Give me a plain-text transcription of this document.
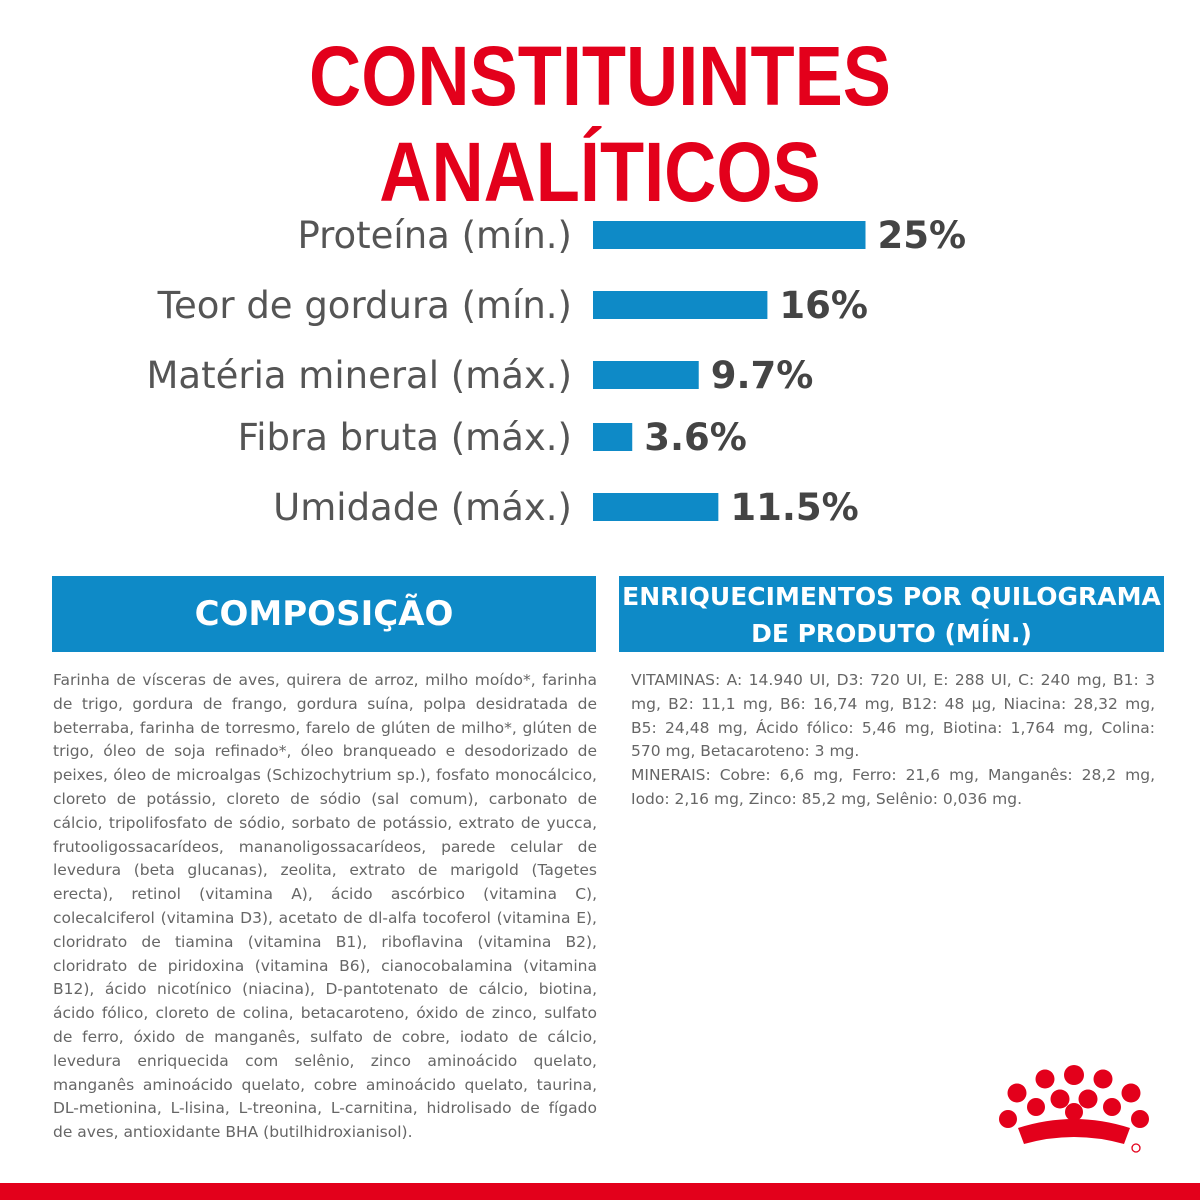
CONSTITUINTES ANALÍTICOS
Proteína (mín.)	25%
Teor de gordura (mín.)	16%
Matéria mineral (máx.)	9.7%
Fibra bruta (máx.) 3.6%
Umidade (máx.)	11.5%
COMPOSIÇÃO
Farinha de vísceras de aves, quirera de arroz, milho moído*, farinha de trigo, gordura de frango, gordura suína, polpa desidratada de beterraba, farinha de torresmo, farelo de glúten de milho*, glúten de trigo, óleo de soja refinado*, óleo branqueado e desodorizado de peixes, óleo de microalgas (Schizochytrium sp.), fosfato monocálcico, cloreto de potássio, cloreto de sódio (sal comum), carbonato de cálcio, tripolifosfato de sódio, sorbato de potássio, extrato de yucca, frutooligossacarídeos, mananoligossacarídeos, parede celular de levedura (beta glucanas), zeolita, extrato de marigold (Tagetes erecta), retinol (vitamina A), ácido ascórbico (vitamina C), colecalciferol (vitamina D3), acetato de dl-alfa tocoferol (vitamina E), cloridrato de tiamina (vitamina B1), riboflavina (vitamina B2), cloridrato de piridoxina (vitamina B6), cianocobalamina (vitamina B12), ácido nicotínico (niacina), D-pantotenato de cálcio, biotina, ácido fólico, cloreto de colina, betacaroteno, óxido de zinco, sulfato de ferro, óxido de manganês, sulfato de cobre, iodato de cálcio, levedura enriquecida com selênio, zinco aminoácido quelato, manganês aminoácido quelato, cobre aminoácido quelato, taurina, DL-metionina, L-lisina, L-treonina, L-carnitina, hidrolisado de fígado de aves, antioxidante BHA (butilhidroxianisol).
ENRIQUECIMENTOS POR QUILOGRAMA
DE PRODUTO (MÍN.)

VITAMINAS: A: 14.940 UI, D3: 720 UI, E: 288 UI, C: 240 mg, B1: 3 mg, B2: 11,1 mg, B6: 16,74 mg, B12: 48 µg, Niacina: 28,32 mg, B5: 24,48 mg, Ácido fólico: 5,46 mg, Biotina: 1,764 mg, Colina: 570 mg, Betacaroteno: 3 mg.

MINERAIS: Cobre: 6,6 mg, Ferro: 21,6 mg, Manganês: 28,2 mg, Iodo: 2,16 mg, Zinco: 85,2 mg, Selênio: 0,036 mg.
